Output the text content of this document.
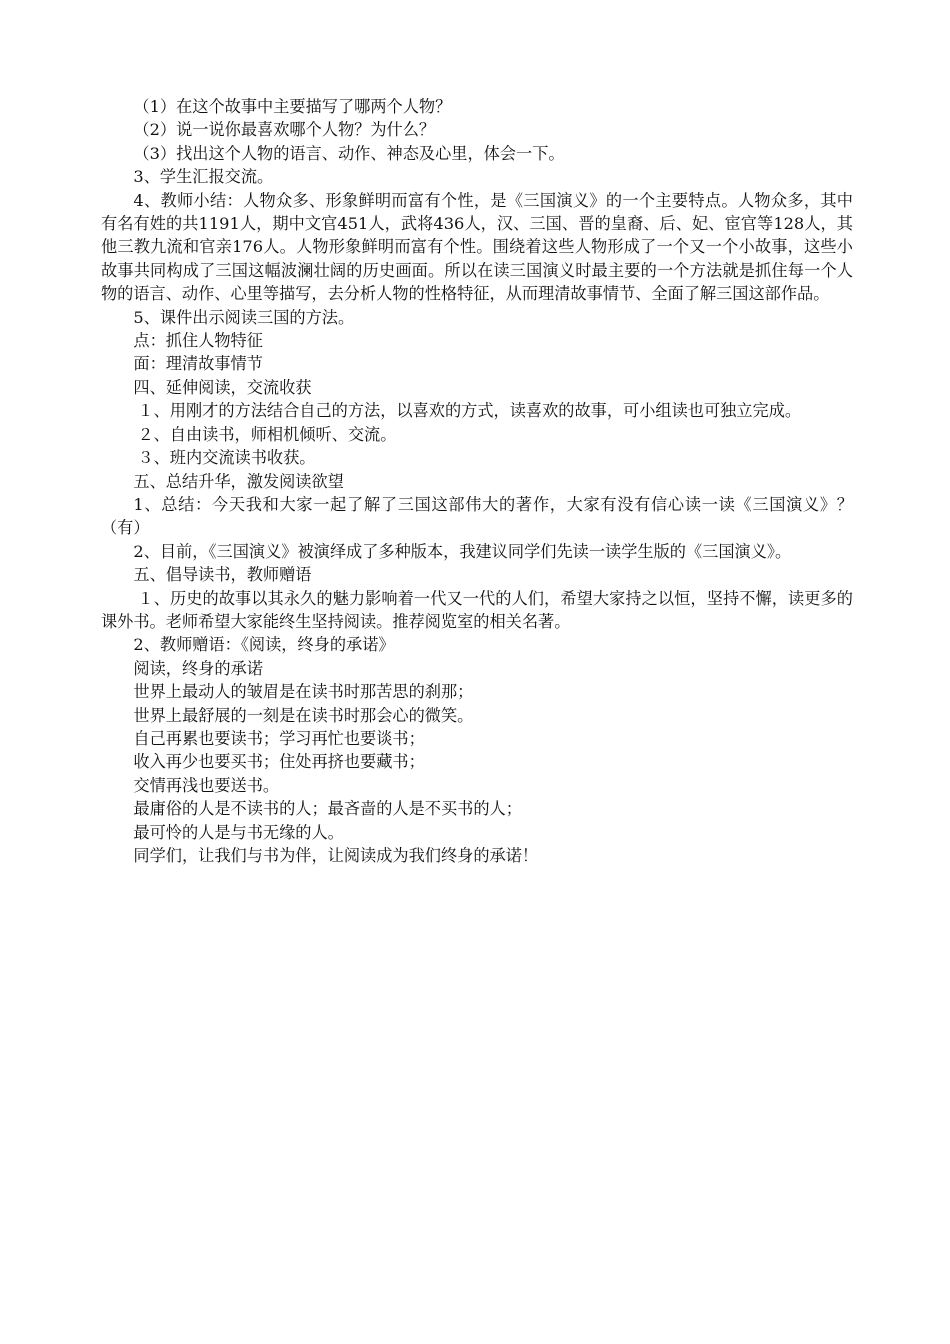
（1）在这个故事中主要描写了哪两个人物？

（2）说一说你最喜欢哪个人物？为什么？

（3）找出这个人物的语言、动作、神态及心里，体会一下。

3、学生汇报交流。

4、教师小结：人物众多、形象鲜明而富有个性，是《三国演义》的一个主要特点。人物众多，其中有名有姓的共1191人，期中文官451人，武将436人，汉、三国、晋的皇裔、后、妃、宦官等128人，其他三教九流和官亲176人。人物形象鲜明而富有个性。围绕着这些人物形成了一个又一个小故事，这些小故事共同构成了三国这幅波澜壮阔的历史画面。所以在读三国演义时最主要的一个方法就是抓住每一个人物的语言、动作、心里等描写，去分析人物的性格特征，从而理清故事情节、全面了解三国这部作品。

5、课件出示阅读三国的方法。

点：抓住人物特征

面：理清故事情节

四、延伸阅读，交流收获

１、用刚才的方法结合自己的方法，以喜欢的方式，读喜欢的故事，可小组读也可独立完成。

２、自由读书，师相机倾听、交流。

３、班内交流读书收获。

五、总结升华，激发阅读欲望

1、总结：今天我和大家一起了解了三国这部伟大的著作，大家有没有信心读一读《三国演义》？（有）

2、目前，《三国演义》被演绎成了多种版本，我建议同学们先读一读学生版的《三国演义》。

五、倡导读书，教师赠语

１、历史的故事以其永久的魅力影响着一代又一代的人们，希望大家持之以恒，坚持不懈，读更多的课外书。老师希望大家能终生坚持阅读。推荐阅览室的相关名著。

2、教师赠语：《阅读，终身的承诺》

阅读，终身的承诺

世界上最动人的皱眉是在读书时那苦思的刹那；

世界上最舒展的一刻是在读书时那会心的微笑。

自己再累也要读书；学习再忙也要谈书；

收入再少也要买书；住处再挤也要藏书；

交情再浅也要送书。

最庸俗的人是不读书的人；最吝啬的人是不买书的人；

最可怜的人是与书无缘的人。

同学们，让我们与书为伴，让阅读成为我们终身的承诺！
